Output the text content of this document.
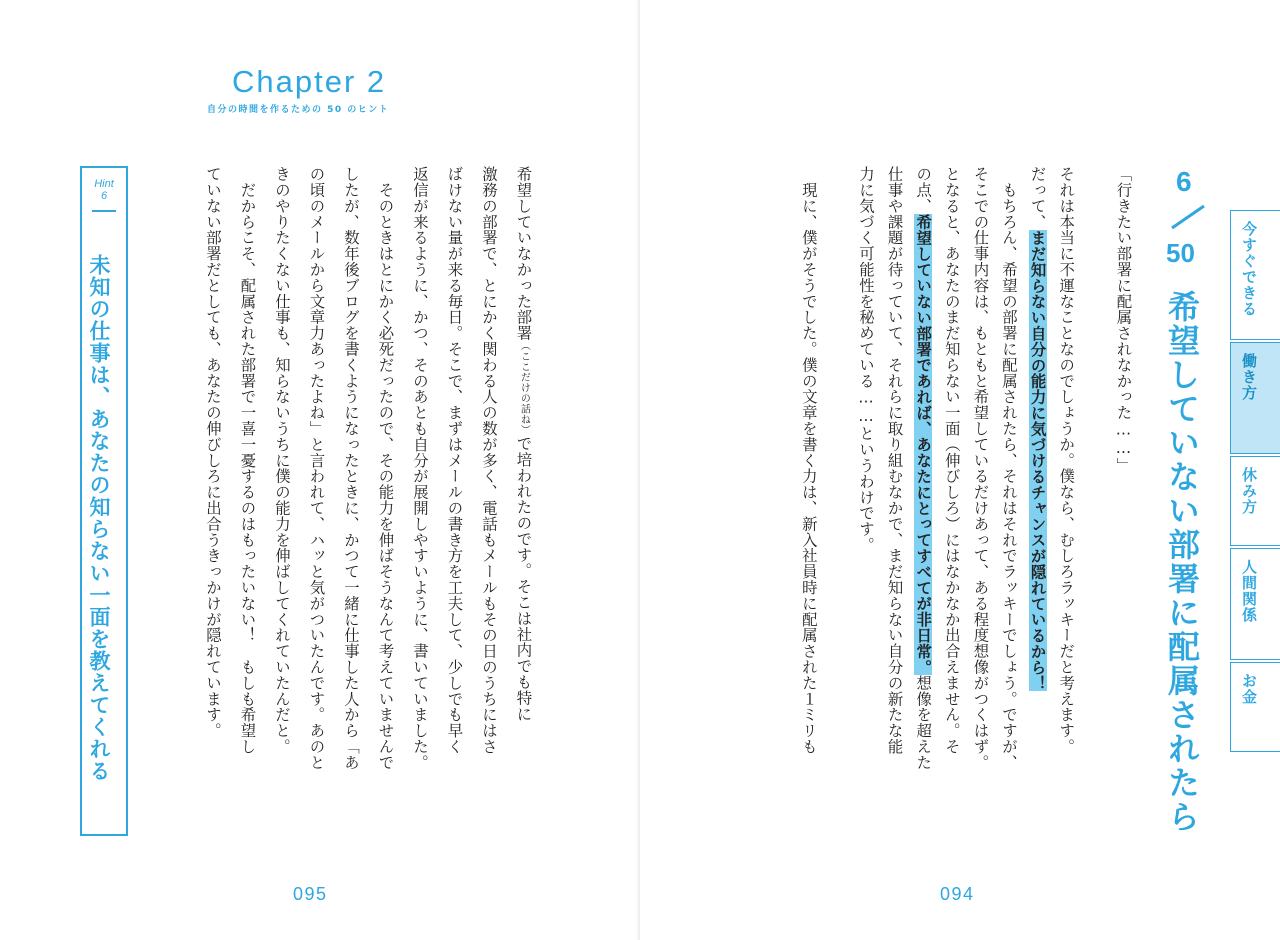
Chapter 2
自分の時間を作るための 50 のヒント
希望していなかった部署（ここだけの話ね）で培われたのです。そこは社内でも特に
激務の部署で、とにかく関わる人の数が多く、電話もメールもその日のうちにはさ
ばけない量が来る毎日。そこで、まずはメールの書き方を工夫して、少しでも早く
返信が来るように、かつ、そのあとも自分が展開しやすいように、書いていました。
　そのときはとにかく必死だったので、その能力を伸ばそうなんて考えていませんで
したが、数年後ブログを書くようになったときに、かつて一緒に仕事した人から「あ
の頃のメールから文章力あったよね」と言われて、ハッと気がついたんです。あのと
きのやりたくない仕事も、知らないうちに僕の能力を伸ばしてくれていたんだと。
　だからこそ、配属された部署で一喜一憂するのはもったいない！　もしも希望し
ていない部署だとしても、あなたの伸びしろに出合うきっかけが隠れています。
Hint
6
未知の仕事は、あなたの知らない一面を教えてくれる
095
「行きたい部署に配属されなかった……」
それは本当に不運なことなのでしょうか。僕なら、むしろラッキーだと考えます。
だって、まだ知らない自分の能力に気づけるチャンスが隠れているから！
　もちろん、希望の部署に配属されたら、それはそれでラッキーでしょう。ですが、
そこでの仕事内容は、もともと希望しているだけあって、ある程度想像がつくはず。
となると、あなたのまだ知らない一面（伸びしろ）にはなかなか出合えません。そ
の点、希望していない部署であれば、あなたにとってすべてが非日常。想像を超えた
仕事や課題が待っていて、それらに取り組むなかで、まだ知らない自分の新たな能
力に気づく可能性を秘めている……というわけです。
　現に、僕がそうでした。僕の文章を書く力は、新入社員時に配属された１ミリも
094
6
50
希望していない部署に配属されたら
今すぐできる
働き方
休み方
人間関係
お金
